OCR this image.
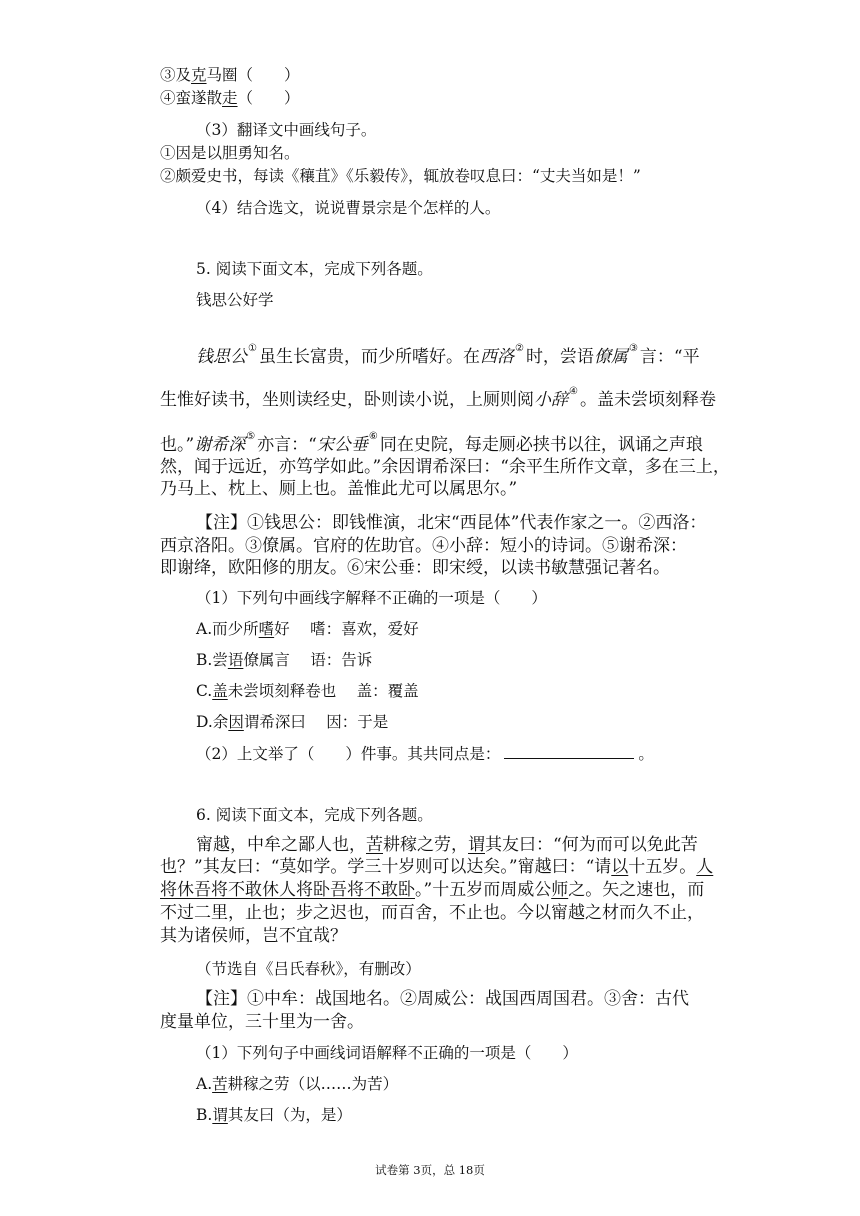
③及克马圈（　　）
④蛮遂散走（　　）
（3）翻译文中画线句子。
①因是以胆勇知名。
②颇爱史书，每读《穰苴》《乐毅传》，辄放卷叹息曰：“丈夫当如是！”
（4）结合选文，说说曹景宗是个怎样的人。
5. 阅读下面文本，完成下列各题。
钱思公好学
钱思公① 虽生长富贵，而少所嗜好。在西洛② 时，尝语僚属③ 言：“平
生惟好读书，坐则读经史，卧则读小说，上厕则阅小辞④ 。盖未尝顷刻释卷
也。”谢希深⑤ 亦言：“宋公垂⑥ 同在史院，每走厕必挟书以往，讽诵之声琅
然，闻于远近，亦笃学如此。”余因谓希深曰：“余平生所作文章，多在三上，
乃马上、枕上、厕上也。盖惟此尤可以属思尔。”
【注】①钱思公：即钱惟演，北宋“西昆体”代表作家之一。②西洛：
西京洛阳。③僚属。官府的佐助官。④小辞：短小的诗词。⑤谢希深：
即谢绛，欧阳修的朋友。⑥宋公垂：即宋绶，以读书敏慧强记著名。
（1）下列句中画线字解释不正确的一项是（　　）
A.而少所嗜好　 嗜：喜欢，爱好
B.尝语僚属言　 语：告诉
C.盖未尝顷刻释卷也　 盖：覆盖
D.余因谓希深曰　 因：于是
（2）上文举了（　　）件事。其共同点是：	。
6. 阅读下面文本，完成下列各题。
甯越，中牟之鄙人也，苦耕稼之劳，谓其友曰：“何为而可以免此苦
也？”其友曰：“莫如学。学三十岁则可以达矣。”甯越曰：“请以十五岁。人
将休吾将不敢休人将卧吾将不敢卧。”十五岁而周威公师之。矢之速也，而
不过二里，止也；步之迟也，而百舍，不止也。今以甯越之材而久不止，
其为诸侯师，岂不宜哉？
（节选自《吕氏春秋》，有删改）
【注】①中牟：战国地名。②周威公：战国西周国君。③舍：古代
度量单位，三十里为一舍。
（1）下列句子中画线词语解释不正确的一项是（　　）
A.苦耕稼之劳（以……为苦）
B.谓其友曰（为，是）
试卷第 3页，总 18页
